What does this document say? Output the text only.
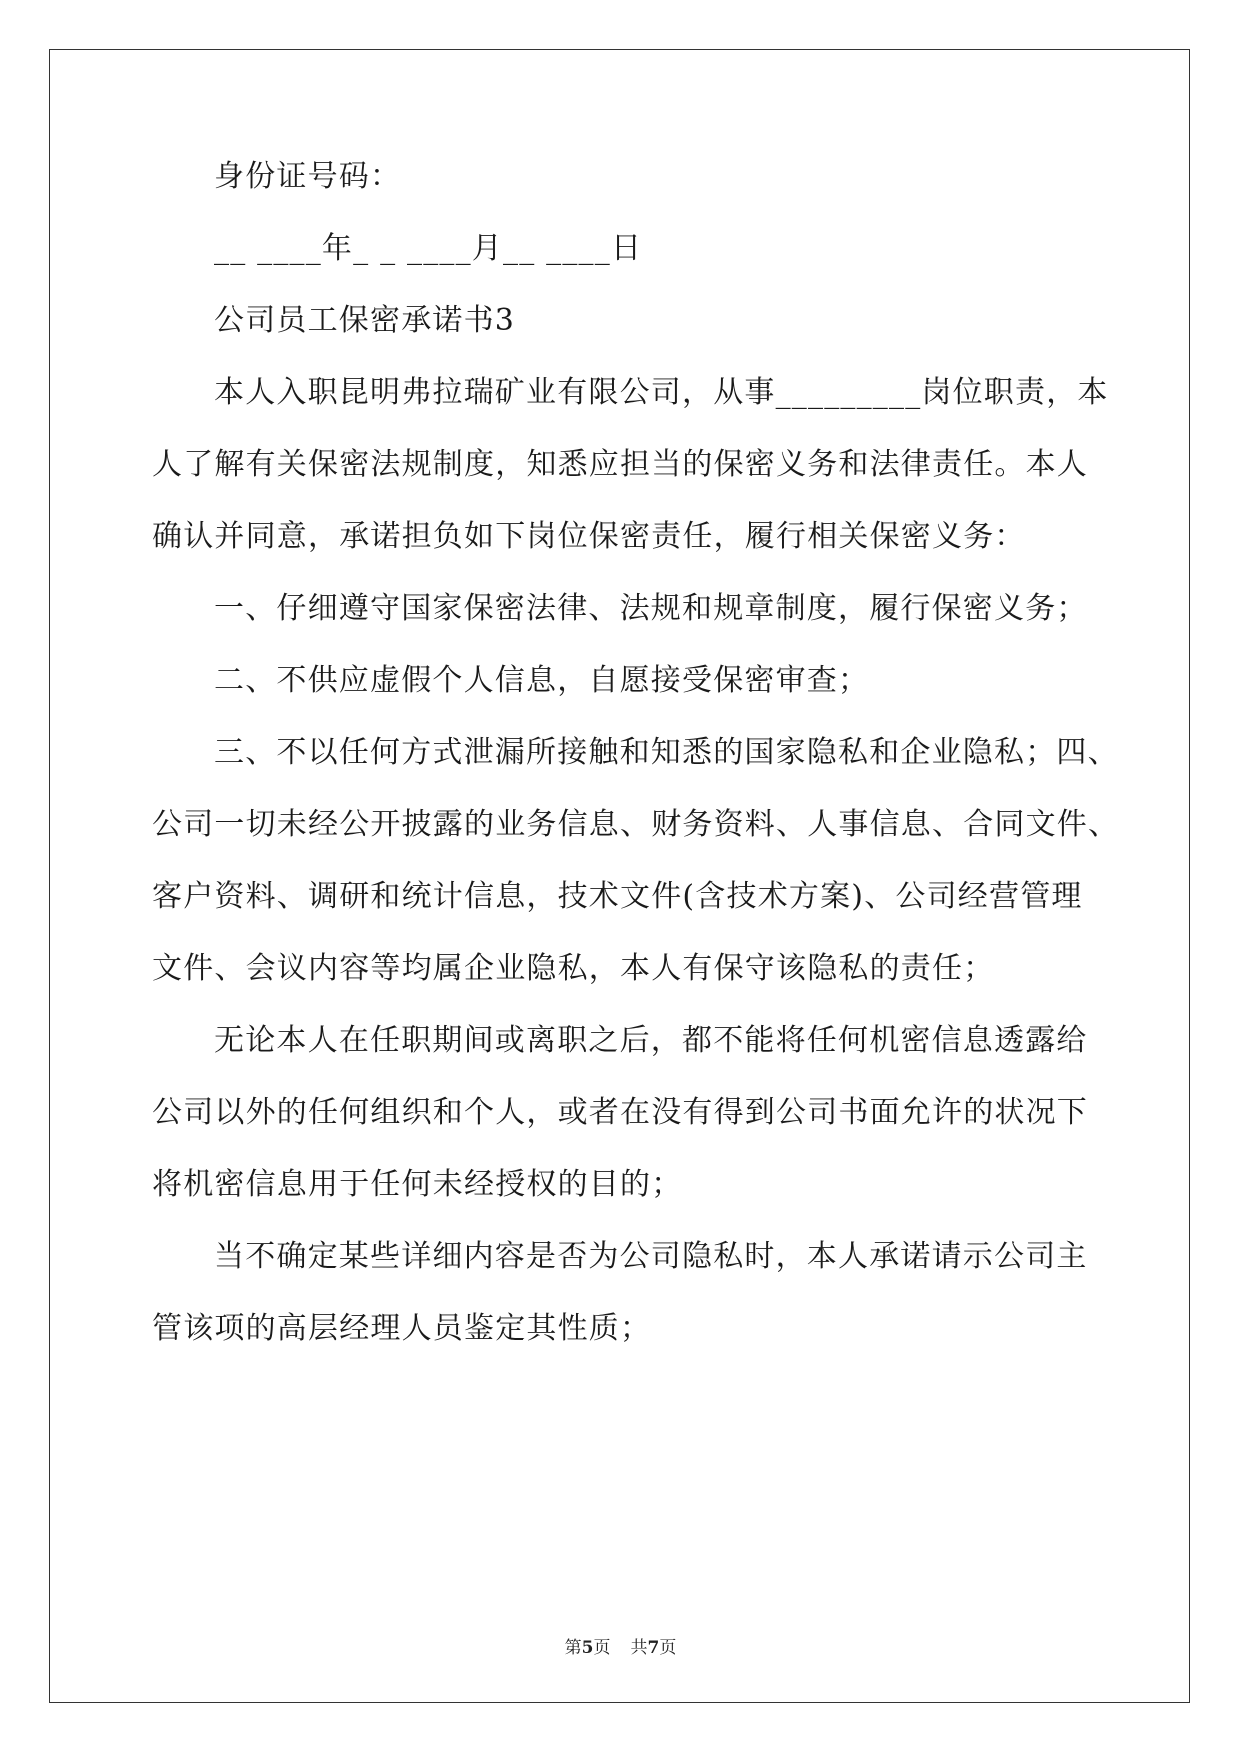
身份证号码：
__ ____年_ _ ____月__ ____日
公司员工保密承诺书3
本人入职昆明弗拉瑞矿业有限公司，从事_________岗位职责，本
人了解有关保密法规制度，知悉应担当的保密义务和法律责任。本人
确认并同意，承诺担负如下岗位保密责任，履行相关保密义务：
一、仔细遵守国家保密法律、法规和规章制度，履行保密义务；
二、不供应虚假个人信息，自愿接受保密审查；
三、不以任何方式泄漏所接触和知悉的国家隐私和企业隐私；四、
公司一切未经公开披露的业务信息、财务资料、人事信息、合同文件、
客户资料、调研和统计信息，技术文件(含技术方案)、公司经营管理
文件、会议内容等均属企业隐私，本人有保守该隐私的责任；
无论本人在任职期间或离职之后，都不能将任何机密信息透露给
公司以外的任何组织和个人，或者在没有得到公司书面允许的状况下
将机密信息用于任何未经授权的目的；
当不确定某些详细内容是否为公司隐私时，本人承诺请示公司主
管该项的高层经理人员鉴定其性质；
第5页 共7页
